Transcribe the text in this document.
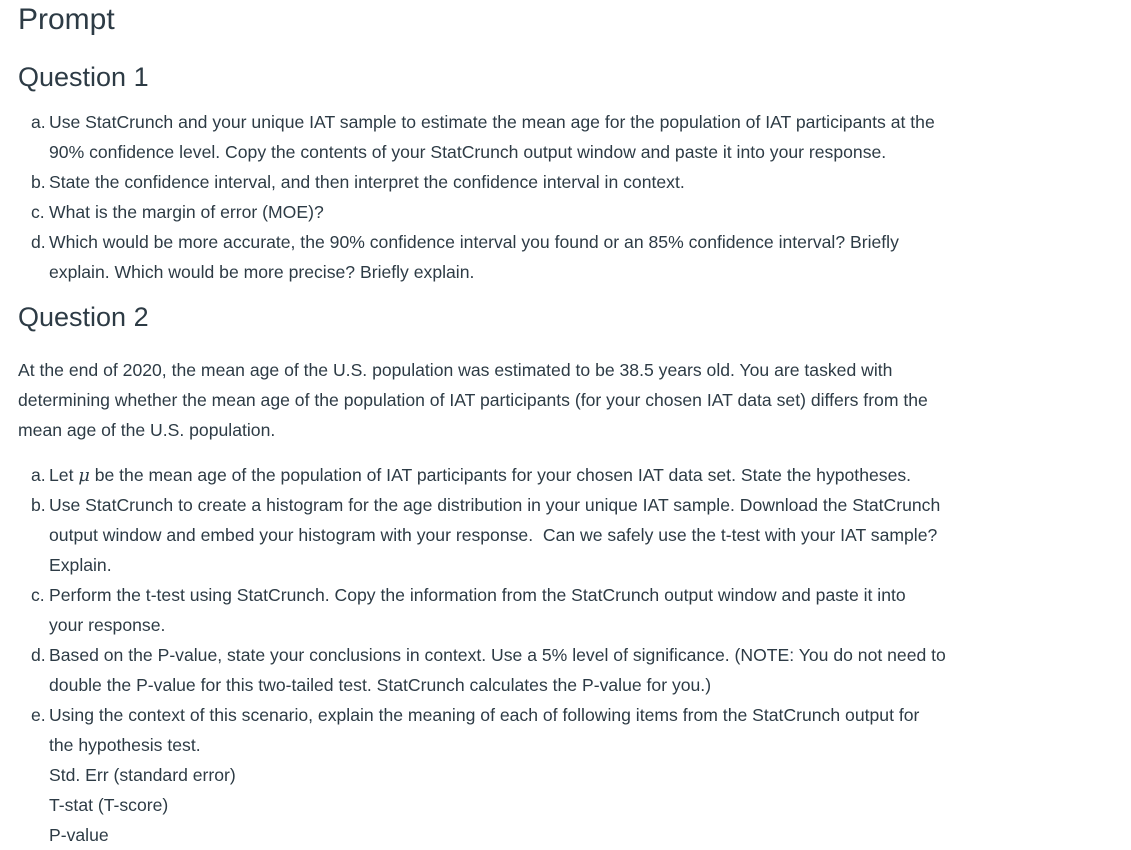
Prompt
Question 1

a. Use StatCrunch and your unique IAT sample to estimate the mean age for the population of IAT participants at the

90% confidence level. Copy the contents of your StatCrunch output window and paste it into your response.

b. State the confidence interval, and then interpret the confidence interval in context.

c. What is the margin of error (MOE)?

d. Which would be more accurate, the 90% confidence interval you found or an 85% confidence interval? Briefly

explain. Which would be more precise? Briefly explain.

Question 2

At the end of 2020, the mean age of the U.S. population was estimated to be 38.5 years old. You are tasked with

determining whether the mean age of the population of IAT participants (for your chosen IAT data set) differs from the

mean age of the U.S. population.

a. Let μ be the mean age of the population of IAT participants for your chosen IAT data set. State the hypotheses.

b. Use StatCrunch to create a histogram for the age distribution in your unique IAT sample. Download the StatCrunch

output window and embed your histogram with your response.  Can we safely use the t-test with your IAT sample?

Explain.

c. Perform the t-test using StatCrunch. Copy the information from the StatCrunch output window and paste it into

your response.

d. Based on the P-value, state your conclusions in context. Use a 5% level of significance. (NOTE: You do not need to

double the P-value for this two-tailed test. StatCrunch calculates the P-value for you.)

e. Using the context of this scenario, explain the meaning of each of following items from the StatCrunch output for

the hypothesis test.

Std. Err (standard error)

T-stat (T-score)

P-value
